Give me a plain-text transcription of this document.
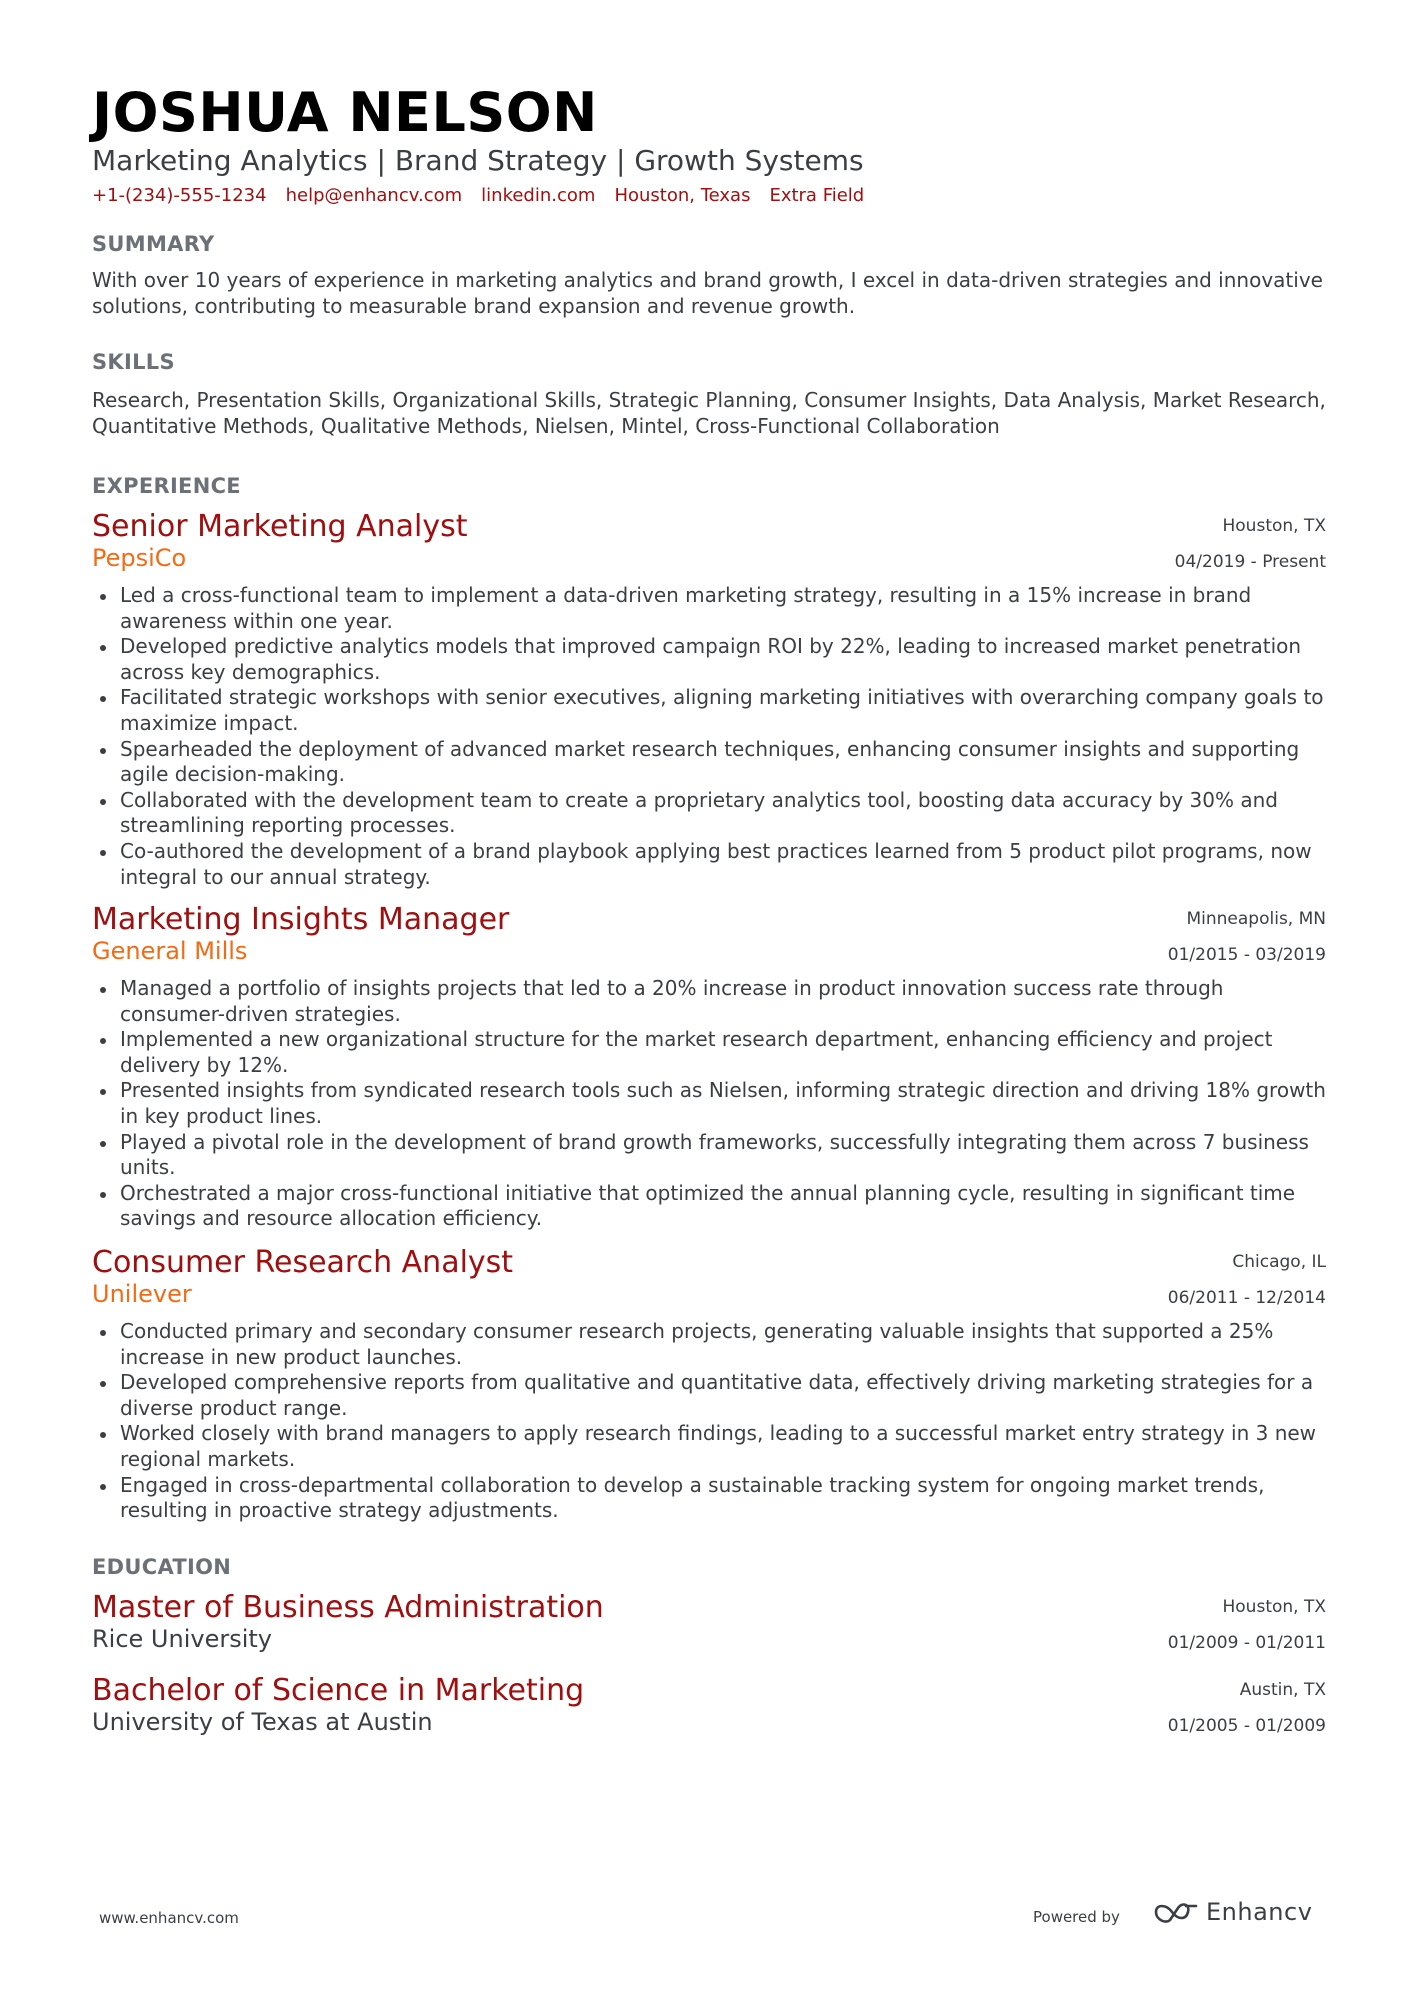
JOSHUA NELSON
Marketing Analytics | Brand Strategy | Growth Systems
+1-(234)-555-1234 help@enhancv.com linkedin.com Houston, Texas Extra Field
SUMMARY
With over 10 years of experience in marketing analytics and brand growth, I excel in data-driven strategies and innovative solutions, contributing to measurable brand expansion and revenue growth.
SKILLS
Research, Presentation Skills, Organizational Skills, Strategic Planning, Consumer Insights, Data Analysis, Market Research, Quantitative Methods, Qualitative Methods, Nielsen, Mintel, Cross-Functional Collaboration
EXPERIENCE
Senior Marketing Analyst
PepsiCo
Houston, TX
04/2019 - Present
Led a cross-functional team to implement a data-driven marketing strategy, resulting in a 15% increase in brand awareness within one year.
Developed predictive analytics models that improved campaign ROI by 22%, leading to increased market penetration across key demographics.
Facilitated strategic workshops with senior executives, aligning marketing initiatives with overarching company goals to maximize impact.
Spearheaded the deployment of advanced market research techniques, enhancing consumer insights and supporting agile decision-making.
Collaborated with the development team to create a proprietary analytics tool, boosting data accuracy by 30% and streamlining reporting processes.
Co-authored the development of a brand playbook applying best practices learned from 5 product pilot programs, now integral to our annual strategy.
Marketing Insights Manager
General Mills
Minneapolis, MN
01/2015 - 03/2019
Managed a portfolio of insights projects that led to a 20% increase in product innovation success rate through consumer-driven strategies.
Implemented a new organizational structure for the market research department, enhancing efficiency and project delivery by 12%.
Presented insights from syndicated research tools such as Nielsen, informing strategic direction and driving 18% growth in key product lines.
Played a pivotal role in the development of brand growth frameworks, successfully integrating them across 7 business units.
Orchestrated a major cross-functional initiative that optimized the annual planning cycle, resulting in significant time savings and resource allocation efficiency.
Consumer Research Analyst
Unilever
Chicago, IL
06/2011 - 12/2014
Conducted primary and secondary consumer research projects, generating valuable insights that supported a 25% increase in new product launches.
Developed comprehensive reports from qualitative and quantitative data, effectively driving marketing strategies for a diverse product range.
Worked closely with brand managers to apply research findings, leading to a successful market entry strategy in 3 new regional markets.
Engaged in cross-departmental collaboration to develop a sustainable tracking system for ongoing market trends, resulting in proactive strategy adjustments.
EDUCATION
Master of Business Administration
Rice University
Houston, TX
01/2009 - 01/2011
Bachelor of Science in Marketing
University of Texas at Austin
Austin, TX
01/2005 - 01/2009
www.enhancv.com	Powered by	Enhancv
